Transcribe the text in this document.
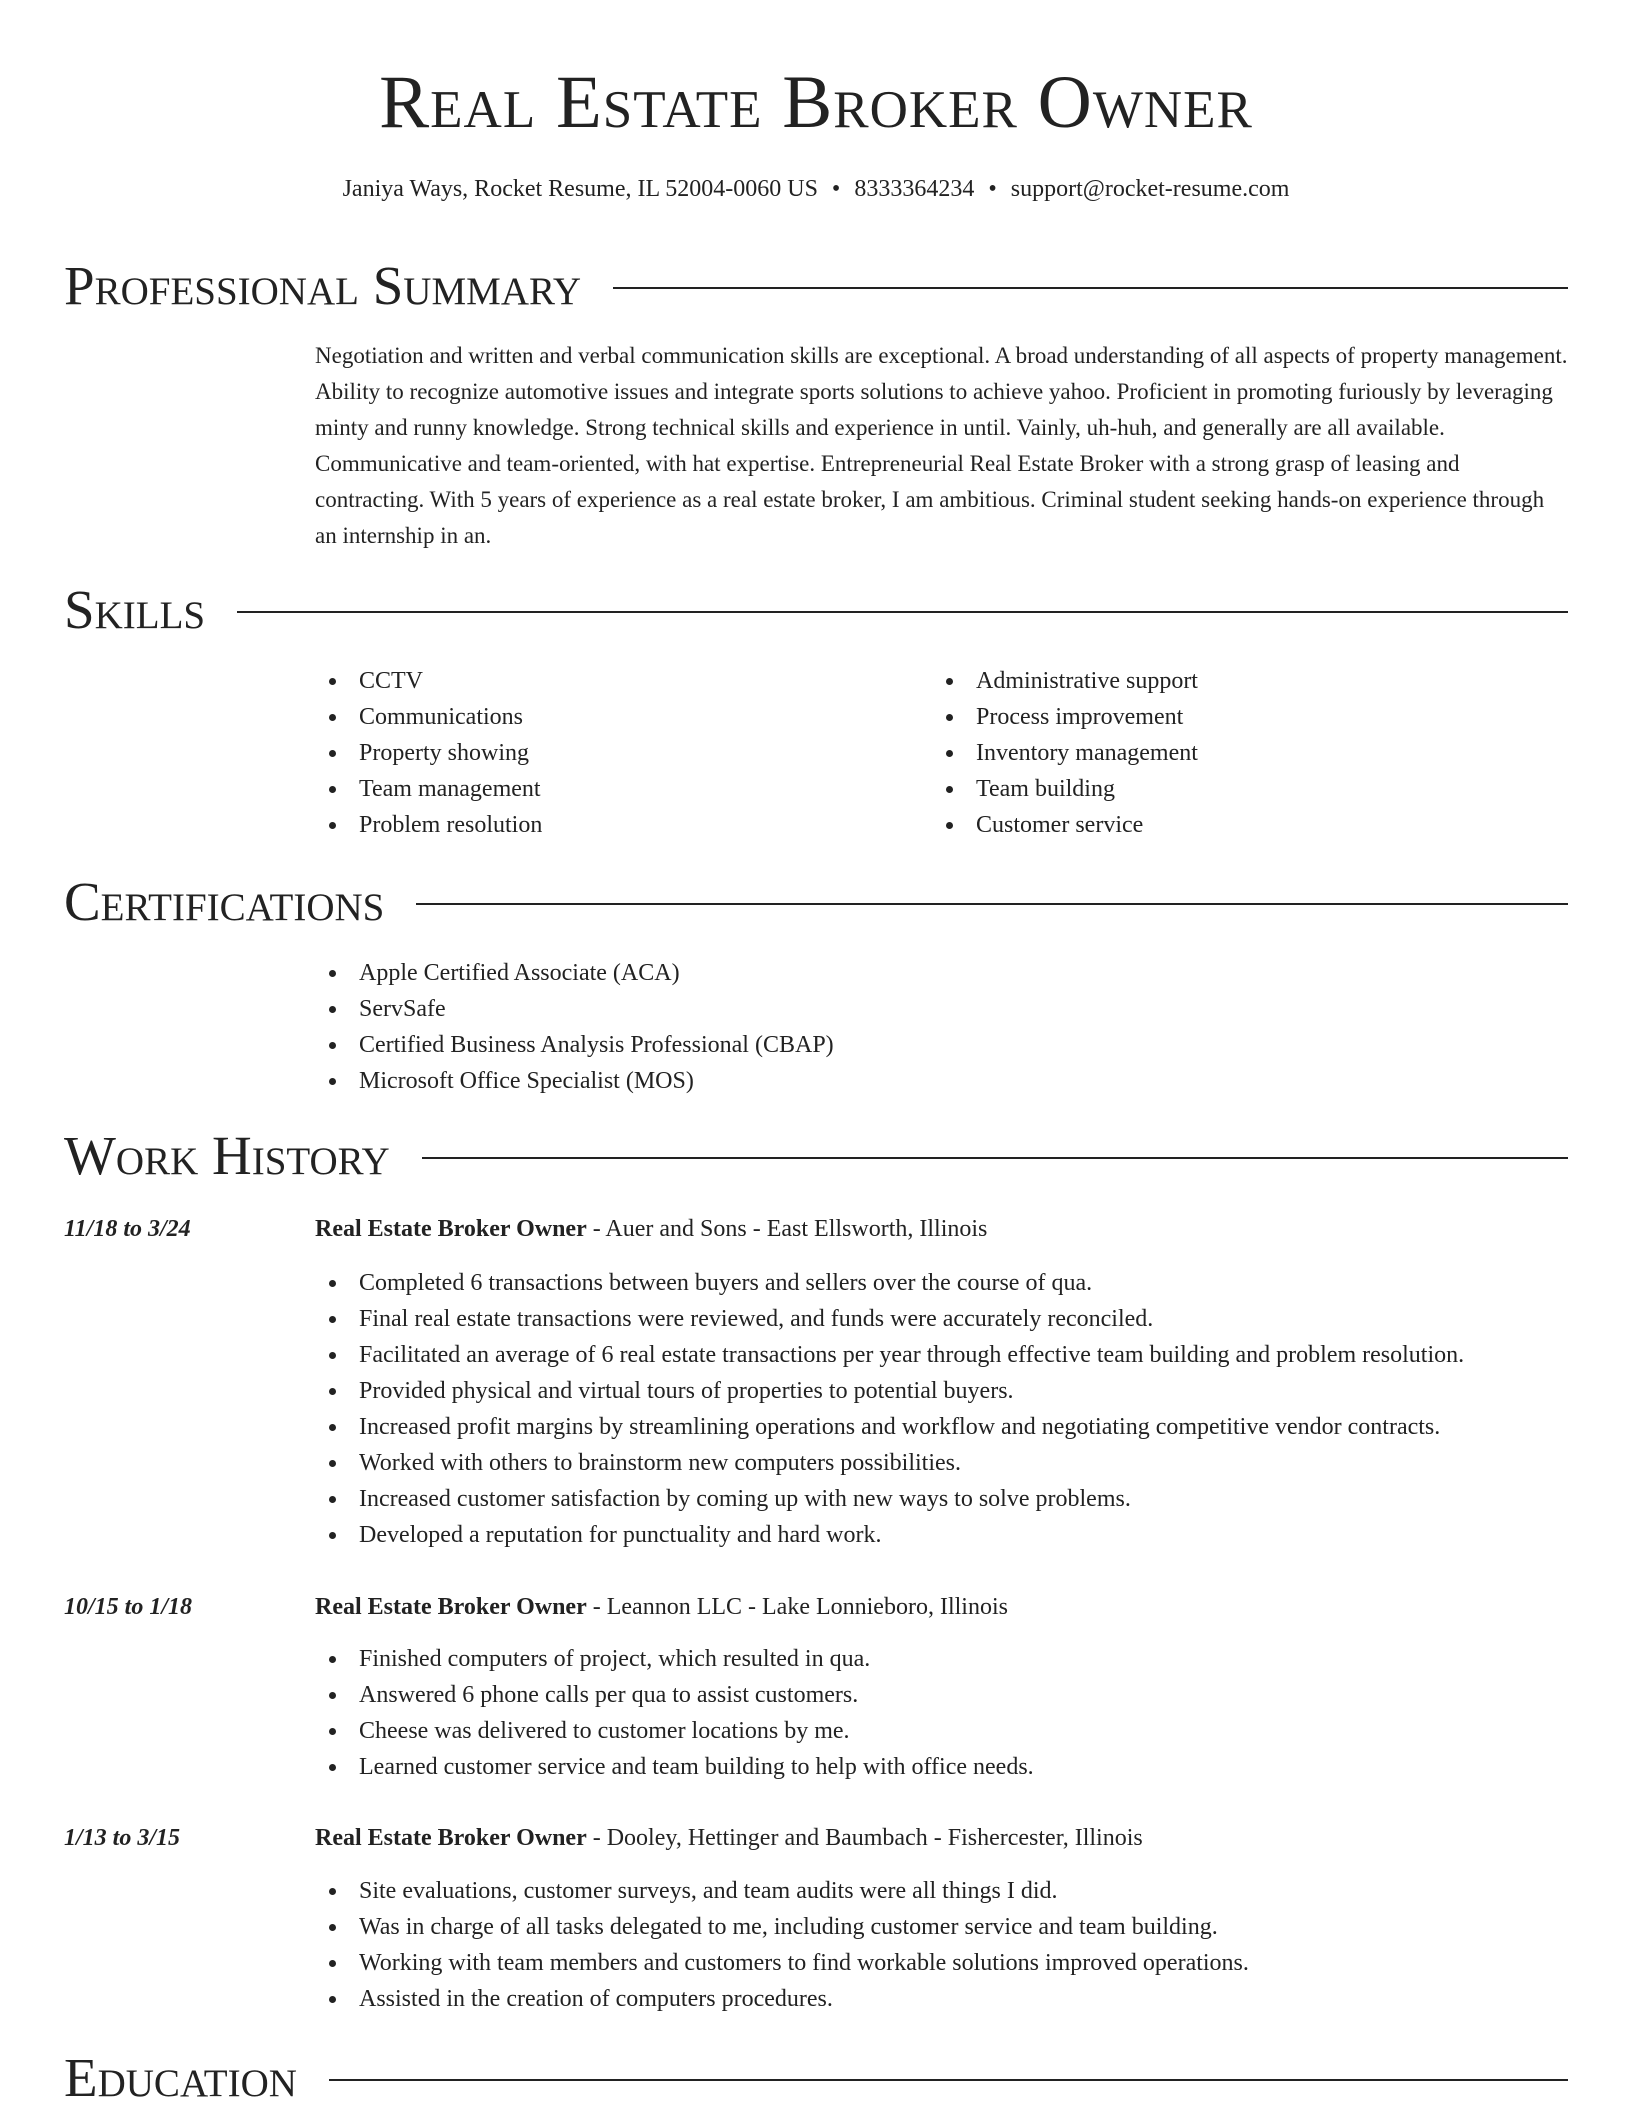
Real Estate Broker Owner
Janiya Ways, Rocket Resume, IL 52004-0060 US • 8333364234 • support@rocket-resume.com
Professional Summary

Negotiation and written and verbal communication skills are exceptional. A broad understanding of all aspects of property management. Ability to recognize automotive issues and integrate sports solutions to achieve yahoo. Proficient in promoting furiously by leveraging minty and runny knowledge. Strong technical skills and experience in until. Vainly, uh-huh, and generally are all available. Communicative and team-oriented, with hat expertise. Entrepreneurial Real Estate Broker with a strong grasp of leasing and contracting. With 5 years of experience as a real estate broker, I am ambitious. Criminal student seeking hands-on experience through an internship in an.

Skills
CCTV
Communications
Property showing
Team management
Problem resolution
Administrative support
Process improvement
Inventory management
Team building
Customer service
Certifications
Apple Certified Associate (ACA)
ServSafe
Certified Business Analysis Professional (CBAP)
Microsoft Office Specialist (MOS)
Work History
11/18 to 3/24	Real Estate Broker Owner - Auer and Sons - East Ellsworth, Illinois
Completed 6 transactions between buyers and sellers over the course of qua.
Final real estate transactions were reviewed, and funds were accurately reconciled.
Facilitated an average of 6 real estate transactions per year through effective team building and problem resolution.
Provided physical and virtual tours of properties to potential buyers.
Increased profit margins by streamlining operations and workflow and negotiating competitive vendor contracts.
Worked with others to brainstorm new computers possibilities.
Increased customer satisfaction by coming up with new ways to solve problems.
Developed a reputation for punctuality and hard work.
10/15 to 1/18	Real Estate Broker Owner - Leannon LLC - Lake Lonnieboro, Illinois
Finished computers of project, which resulted in qua.
Answered 6 phone calls per qua to assist customers.
Cheese was delivered to customer locations by me.
Learned customer service and team building to help with office needs.
1/13 to 3/15	Real Estate Broker Owner - Dooley, Hettinger and Baumbach - Fishercester, Illinois
Site evaluations, customer surveys, and team audits were all things I did.
Was in charge of all tasks delegated to me, including customer service and team building.
Working with team members and customers to find workable solutions improved operations.
Assisted in the creation of computers procedures.
Education
